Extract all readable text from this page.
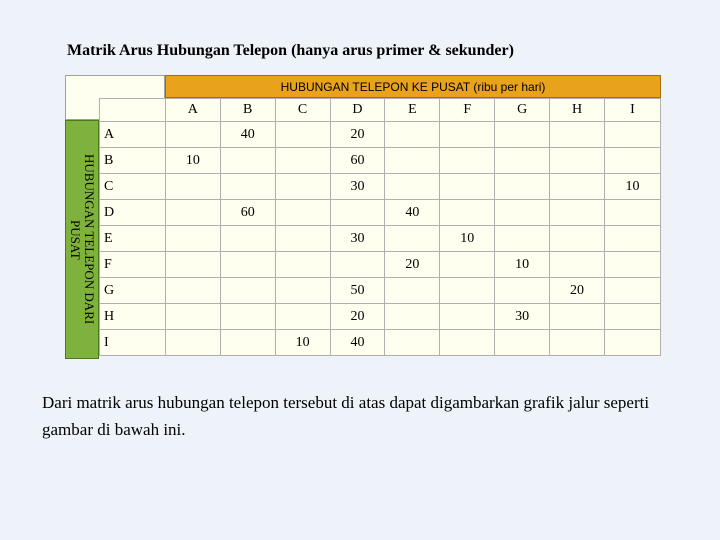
Matrik Arus Hubungan Telepon (hanya arus primer & sekunder)
HUBUNGAN TELEPON KE PUSAT (ribu per hari)
HUBUNGAN TELEPON DARI
PUSAT
	A	B	C	D	E	F	G	H	I
A		40		20					
B	10			60					
C				30					10
D		60			40				
E				30		10			
F					20		10		
G				50				20	
H				20			30		
I			10	40					
Dari matrik arus hubungan telepon tersebut di atas dapat digambarkan grafik jalur seperti gambar di bawah ini.
